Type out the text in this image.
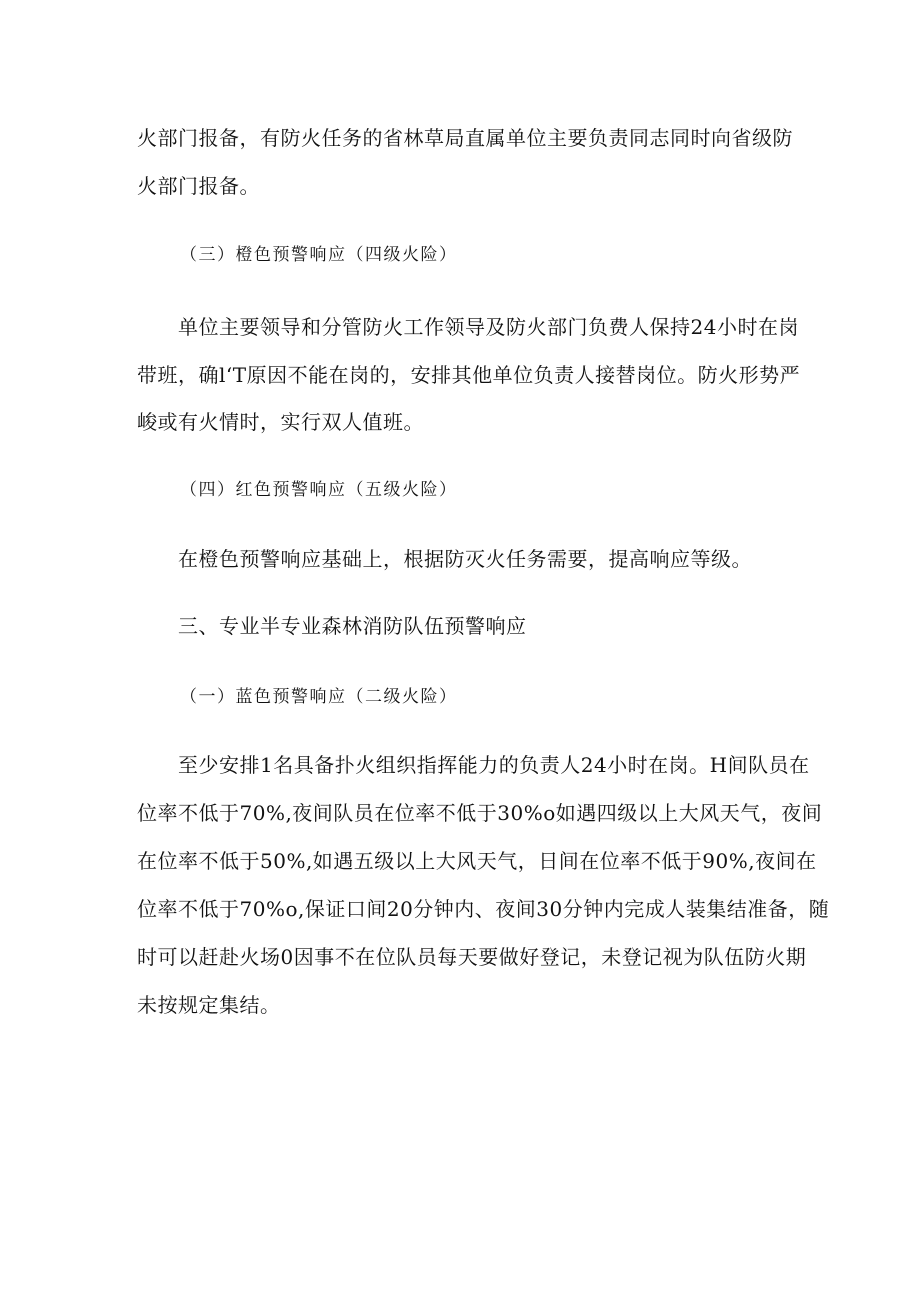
火部门报备，有防火任务的省林草局直属单位主要负责同志同时向省级防
火部门报备。
（三）橙色预警响应（四级火险）
单位主要领导和分管防火工作领导及防火部门负费人保持24小时在岗
带班，确l‘T原因不能在岗的，安排其他单位负责人接替岗位。防火形势严
峻或有火情时，实行双人值班。
（四）红色预警响应（五级火险）
在橙色预警响应基础上，根据防灭火任务需要，提高响应等级。
三、专业半专业森林消防队伍预警响应
（一）蓝色预警响应（二级火险）
至少安排1名具备扑火组织指挥能力的负责人24小时在岗。H间队员在
位率不低于70%,夜间队员在位率不低于30%o如遇四级以上大风天气，夜间
在位率不低于50%,如遇五级以上大风天气，日间在位率不低于90%,夜间在
位率不低于70%o,保证口间20分钟内、夜间30分钟内完成人装集结准备，随
时可以赶赴火场0因事不在位队员每天要做好登记，未登记视为队伍防火期
未按规定集结。
